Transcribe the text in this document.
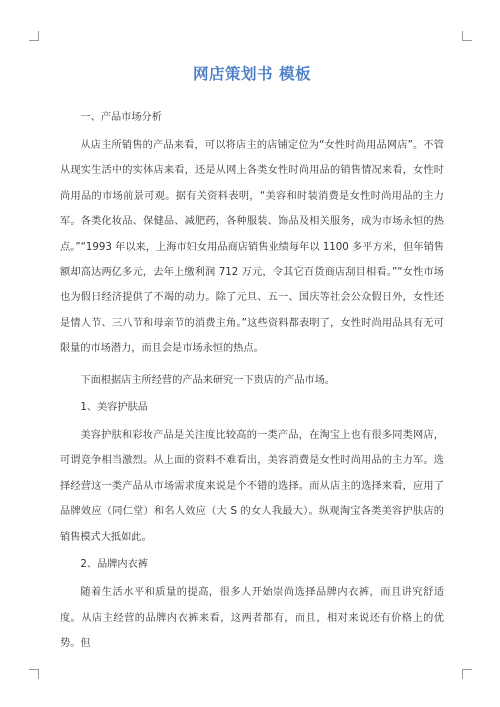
网店策划书 模板
一、产品市场分析

从店主所销售的产品来看，可以将店主的店铺定位为“女性时尚用品网店”。不管从现实生活中的实体店来看，还是从网上各类女性时尚用品的销售情况来看，女性时尚用品的市场前景可观。据有关资料表明，“美容和时装消费是女性时尚用品的主力军。各类化妆品、保健品、减肥药，各种服装、饰品及相关服务，成为市场永恒的热点。”“1993 年以来，上海市妇女用品商店销售业绩每年以 1100 多平方米，但年销售额却高达两亿多元，去年上缴利润 712 万元，令其它百货商店刮目相看。”“女性市场也为假日经济提供了不竭的动力。除了元旦、五一、国庆等社会公众假日外，女性还是情人节、三八节和母亲节的消费主角。”这些资料都表明了，女性时尚用品具有无可限量的市场潜力，而且会是市场永恒的热点。

下面根据店主所经营的产品来研究一下贵店的产品市场。

1、美容护肤品

美容护肤和彩妆产品是关注度比较高的一类产品，在淘宝上也有很多同类网店，可谓竞争相当激烈。从上面的资料不难看出，美容消费是女性时尚用品的主力军。选择经营这一类产品从市场需求度来说是个不错的选择。而从店主的选择来看，应用了品牌效应（同仁堂）和名人效应（大 S 的女人我最大）。纵观淘宝各类美容护肤店的销售模式大抵如此。

2、品牌内衣裤

随着生活水平和质量的提高，很多人开始崇尚选择品牌内衣裤，而且讲究舒适度。从店主经营的品牌内衣裤来看，这两者都有，而且，相对来说还有价格上的优势。但
